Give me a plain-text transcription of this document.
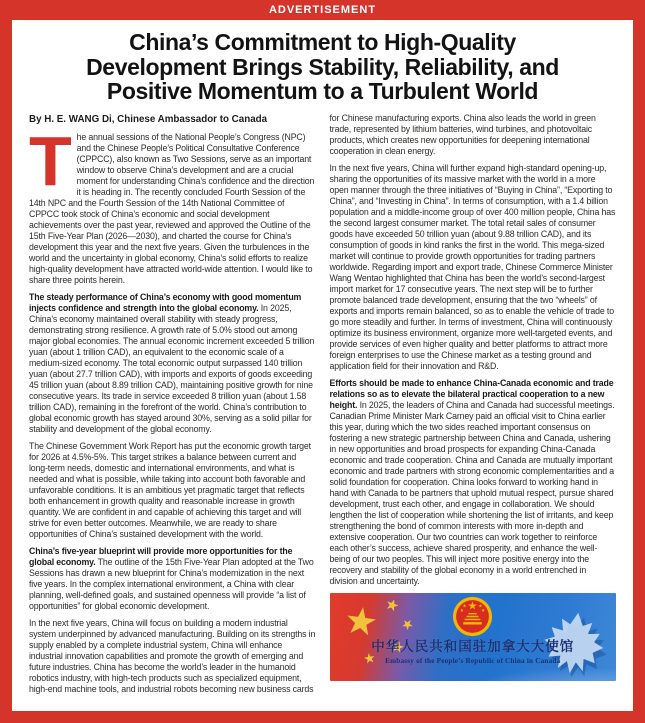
ADVERTISEMENT
China’s Commitment to High-Quality
Development Brings Stability, Reliability, and
Positive Momentum to a Turbulent World
By H. E. WANG Di, Chinese Ambassador to Canada

The annual sessions of the National People’s Congress (NPC) and the Chinese People’s Political Consultative Conference (CPPCC), also known as Two Sessions, serve as an important window to observe China’s development and are a crucial moment for understanding China’s confidence and the direction it is heading in. The recently concluded Fourth Session of the 14th NPC and the Fourth Session of the 14th National Committee of CPPCC took stock of China’s economic and social development achievements over the past year, reviewed and approved the Outline of the 15th Five-Year Plan (2026—2030), and charted the course for China’s development this year and the next five years. Given the turbulences in the world and the uncertainty in global economy, China’s solid efforts to realize high-quality development have attracted world-wide attention. I would like to share three points herein.

The steady performance of China’s economy with good momentum injects confidence and strength into the global economy. In 2025, China’s economy maintained overall stability with steady progress, demonstrating strong resilience. A growth rate of 5.0% stood out among major global economies. The annual economic increment exceeded 5 trillion yuan (about 1 trillion CAD), an equivalent to the economic scale of a medium-sized economy. The total economic output surpassed 140 trillion yuan (about 27.7 trillion CAD), with imports and exports of goods exceeding 45 trillion yuan (about 8.89 trillion CAD), maintaining positive growth for nine consecutive years. Its trade in service exceeded 8 trillion yuan (about 1.58 trillion CAD), remaining in the forefront of the world. China’s contribution to global economic growth has stayed around 30%, serving as a solid pillar for stability and development of the global economy.

The Chinese Government Work Report has put the economic growth target for 2026 at 4.5%-5%. This target strikes a balance between current and long-term needs, domestic and international environments, and what is needed and what is possible, while taking into account both favorable and unfavorable conditions. It is an ambitious yet pragmatic target that reflects both enhancement in growth quality and reasonable increase in growth quantity. We are confident in and capable of achieving this target and will strive for even better outcomes. Meanwhile, we are ready to share opportunities of China’s sustained development with the world.

China’s five-year blueprint will provide more opportunities for the global economy. The outline of the 15th Five-Year Plan adopted at the Two Sessions has drawn a new blueprint for China’s modernization in the next five years. In the complex international environment, a China with clear planning, well-defined goals, and sustained openness will provide “a list of opportunities” for global economic development.

In the next five years, China will focus on building a modern industrial system underpinned by advanced manufacturing. Building on its strengths in supply enabled by a complete industrial system, China will enhance industrial innovation capabilities and promote the growth of emerging and future industries. China has become the world’s leader in the humanoid robotics industry, with high-tech products such as specialized equipment, high-end machine tools, and industrial robots becoming new business cards

for Chinese manufacturing exports. China also leads the world in green trade, represented by lithium batteries, wind turbines, and photovoltaic products, which creates new opportunities for deepening international cooperation in clean energy.

In the next five years, China will further expand high-standard opening-up, sharing the opportunities of its massive market with the world in a more open manner through the three initiatives of “Buying in China”, “Exporting to China”, and “Investing in China”. In terms of consumption, with a 1.4 billion population and a middle-income group of over 400 million people, China has the second largest consumer market. The total retail sales of consumer goods have exceeded 50 trillion yuan (about 9.88 trillion CAD), and its consumption of goods in kind ranks the first in the world. This mega-sized market will continue to provide growth opportunities for trading partners worldwide. Regarding import and export trade, Chinese Commerce Minister Wang Wentao highlighted that China has been the world’s second-largest import market for 17 consecutive years. The next step will be to further promote balanced trade development, ensuring that the two “wheels” of exports and imports remain balanced, so as to enable the vehicle of trade to go more steadily and further. In terms of investment, China will continuously optimize its business environment, organize more well-targeted events, and provide services of even higher quality and better platforms to attract more foreign enterprises to use the Chinese market as a testing ground and application field for their innovation and R&D.

Efforts should be made to enhance China-Canada economic and trade relations so as to elevate the bilateral practical cooperation to a new height. In 2025, the leaders of China and Canada had successful meetings. Canadian Prime Minister Mark Carney paid an official visit to China earlier this year, during which the two sides reached important consensus on fostering a new strategic partnership between China and Canada, ushering in new opportunities and broad prospects for expanding China-Canada economic and trade cooperation. China and Canada are mutually important economic and trade partners with strong economic complementarities and a solid foundation for cooperation. China looks forward to working hand in hand with Canada to be partners that uphold mutual respect, pursue shared development, trust each other, and engage in collaboration. We should lengthen the list of cooperation while shortening the list of irritants, and keep strengthening the bond of common interests with more in-depth and extensive cooperation. Our two countries can work together to reinforce each other’s success, achieve shared prosperity, and enhance the well-being of our two peoples. This will inject more positive energy into the recovery and stability of the global economy in a world entrenched in division and uncertainty.

中华人民共和国驻加拿大大使馆
Embassy of the People’s Republic of China in Canada
